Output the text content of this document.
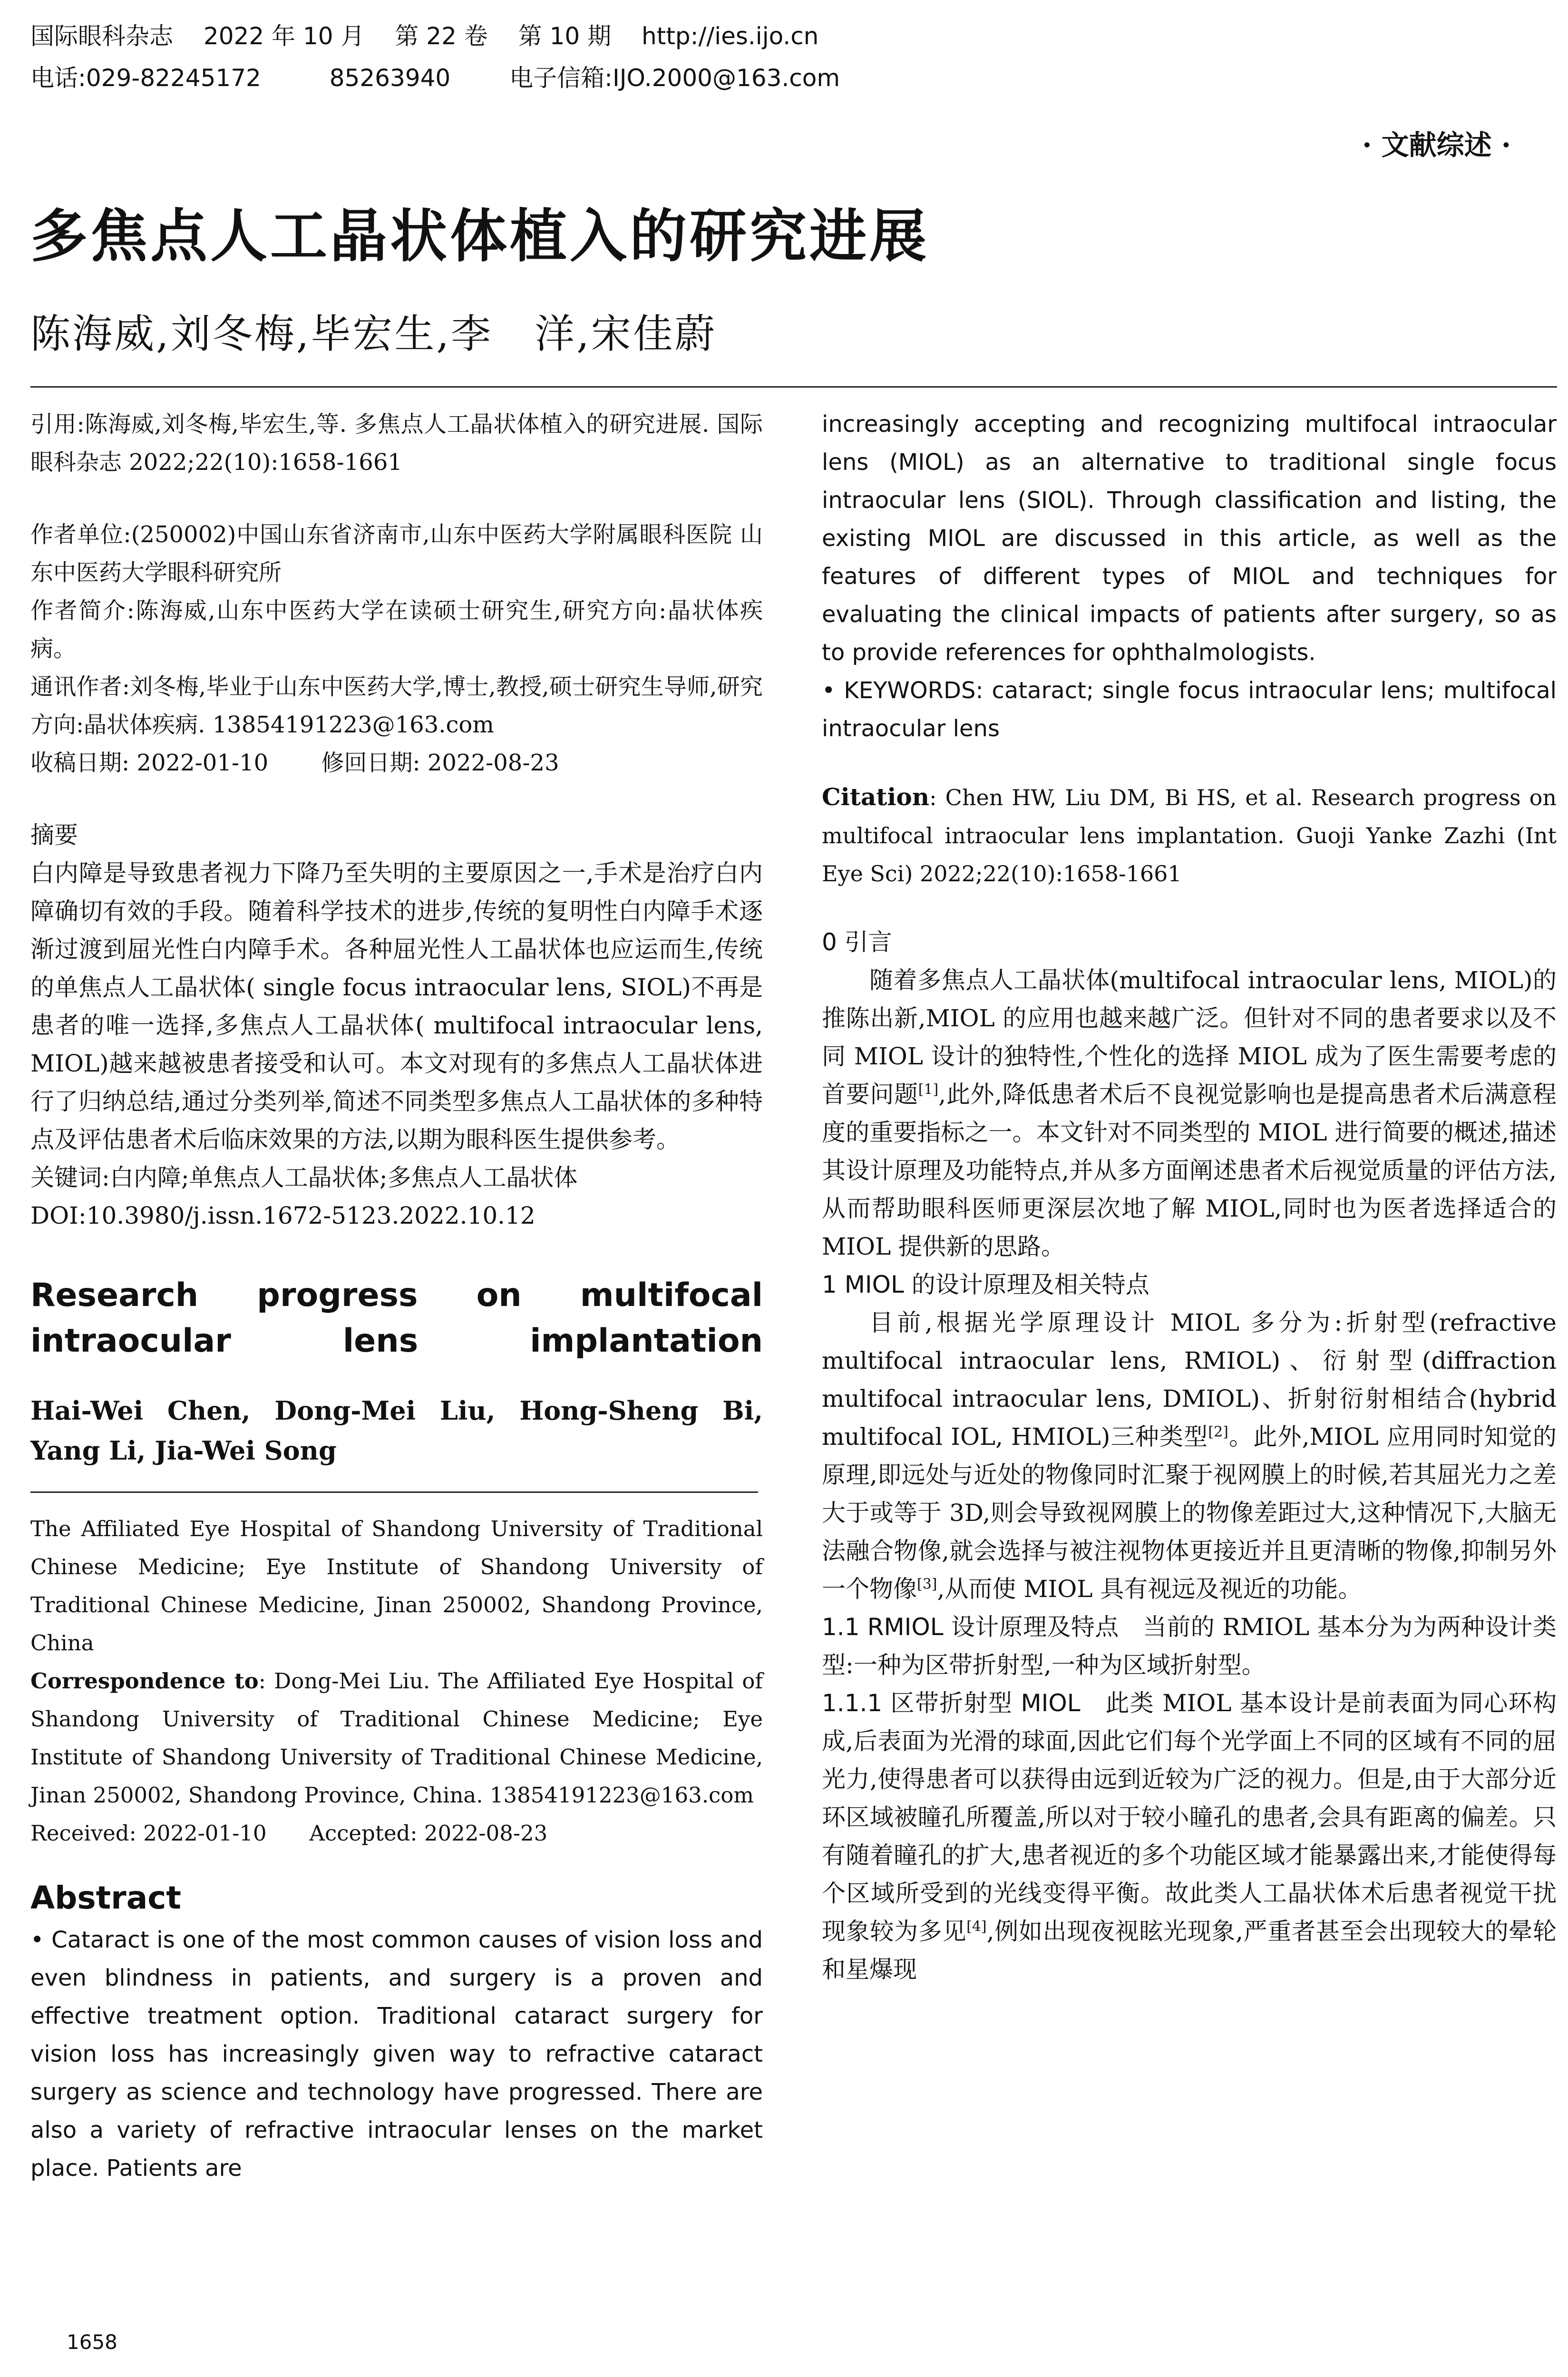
国际眼科杂志 2022 年 10 月 第 22 卷 第 10 期 http://ies.ijo.cn
电话:029-82245172	85263940 电子信箱:IJO.2000@163.com
· 文献综述 ·
多焦点人工晶状体植入的研究进展
陈海威,刘冬梅,毕宏生,李　洋,宋佳蔚

引用:陈海威,刘冬梅,毕宏生,等. 多焦点人工晶状体植入的研究进展. 国际眼科杂志 2022;22(10):1658-1661

作者单位:(250002)中国山东省济南市,山东中医药大学附属眼科医院 山东中医药大学眼科研究所

作者简介:陈海威,山东中医药大学在读硕士研究生,研究方向:晶状体疾病。

通讯作者:刘冬梅,毕业于山东中医药大学,博士,教授,硕士研究生导师,研究方向:晶状体疾病. 13854191223@163.com

收稿日期: 2022-01-10　　 修回日期: 2022-08-23

摘要

白内障是导致患者视力下降乃至失明的主要原因之一,手术是治疗白内障确切有效的手段。随着科学技术的进步,传统的复明性白内障手术逐渐过渡到屈光性白内障手术。各种屈光性人工晶状体也应运而生,传统的单焦点人工晶状体( single focus intraocular lens, SIOL)不再是患者的唯一选择,多焦点人工晶状体( multifocal intraocular lens, MIOL)越来越被患者接受和认可。本文对现有的多焦点人工晶状体进行了归纳总结,通过分类列举,简述不同类型多焦点人工晶状体的多种特点及评估患者术后临床效果的方法,以期为眼科医生提供参考。

关键词:白内障;单焦点人工晶状体;多焦点人工晶状体

DOI:10.3980/j.issn.1672-5123.2022.10.12

Research progress on multifocal intraocular lens implantation

Hai-Wei Chen, Dong-Mei Liu, Hong-Sheng Bi, Yang Li, Jia-Wei Song

The Affiliated Eye Hospital of Shandong University of Traditional Chinese Medicine; Eye Institute of Shandong University of Traditional Chinese Medicine, Jinan 250002, Shandong Province, China

Correspondence to: Dong-Mei Liu. The Affiliated Eye Hospital of Shandong University of Traditional Chinese Medicine; Eye Institute of Shandong University of Traditional Chinese Medicine, Jinan 250002, Shandong Province, China. 13854191223@163.com

Received: 2022-01-10　　Accepted: 2022-08-23

Abstract

• Cataract is one of the most common causes of vision loss and even blindness in patients, and surgery is a proven and effective treatment option. Traditional cataract surgery for vision loss has increasingly given way to refractive cataract surgery as science and technology have progressed. There are also a variety of refractive intraocular lenses on the market place. Patients are

1658

increasingly accepting and recognizing multifocal intraocular lens (MIOL) as an alternative to traditional single focus intraocular lens (SIOL). Through classification and listing, the existing MIOL are discussed in this article, as well as the features of different types of MIOL and techniques for evaluating the clinical impacts of patients after surgery, so as to provide references for ophthalmologists.

• KEYWORDS: cataract; single focus intraocular lens; multifocal intraocular lens

Citation: Chen HW, Liu DM, Bi HS, et al. Research progress on multifocal intraocular lens implantation. Guoji Yanke Zazhi (Int Eye Sci) 2022;22(10):1658-1661

0 引言

随着多焦点人工晶状体(multifocal intraocular lens, MIOL)的推陈出新,MIOL 的应用也越来越广泛。但针对不同的患者要求以及不同 MIOL 设计的独特性,个性化的选择 MIOL 成为了医生需要考虑的首要问题[1],此外,降低患者术后不良视觉影响也是提高患者术后满意程度的重要指标之一。本文针对不同类型的 MIOL 进行简要的概述,描述其设计原理及功能特点,并从多方面阐述患者术后视觉质量的评估方法,从而帮助眼科医师更深层次地了解 MIOL,同时也为医者选择适合的 MIOL 提供新的思路。

1 MIOL 的设计原理及相关特点

目前,根据光学原理设计 MIOL 多分为:折射型(refractive multifocal intraocular lens, RMIOL)、衍射型(diffraction multifocal intraocular lens, DMIOL)、折射衍射相结合(hybrid multifocal IOL, HMIOL)三种类型[2]。此外,MIOL 应用同时知觉的原理,即远处与近处的物像同时汇聚于视网膜上的时候,若其屈光力之差大于或等于 3D,则会导致视网膜上的物像差距过大,这种情况下,大脑无法融合物像,就会选择与被注视物体更接近并且更清晰的物像,抑制另外一个物像[3],从而使 MIOL 具有视远及视近的功能。

1.1 RMIOL 设计原理及特点　 当前的 RMIOL 基本分为为两种设计类型:一种为区带折射型,一种为区域折射型。

1.1.1 区带折射型 MIOL　 此类 MIOL 基本设计是前表面为同心环构成,后表面为光滑的球面,因此它们每个光学面上不同的区域有不同的屈光力,使得患者可以获得由远到近较为广泛的视力。但是,由于大部分近环区域被瞳孔所覆盖,所以对于较小瞳孔的患者,会具有距离的偏差。只有随着瞳孔的扩大,患者视近的多个功能区域才能暴露出来,才能使得每个区域所受到的光线变得平衡。故此类人工晶状体术后患者视觉干扰现象较为多见[4],例如出现夜视眩光现象,严重者甚至会出现较大的晕轮和星爆现
